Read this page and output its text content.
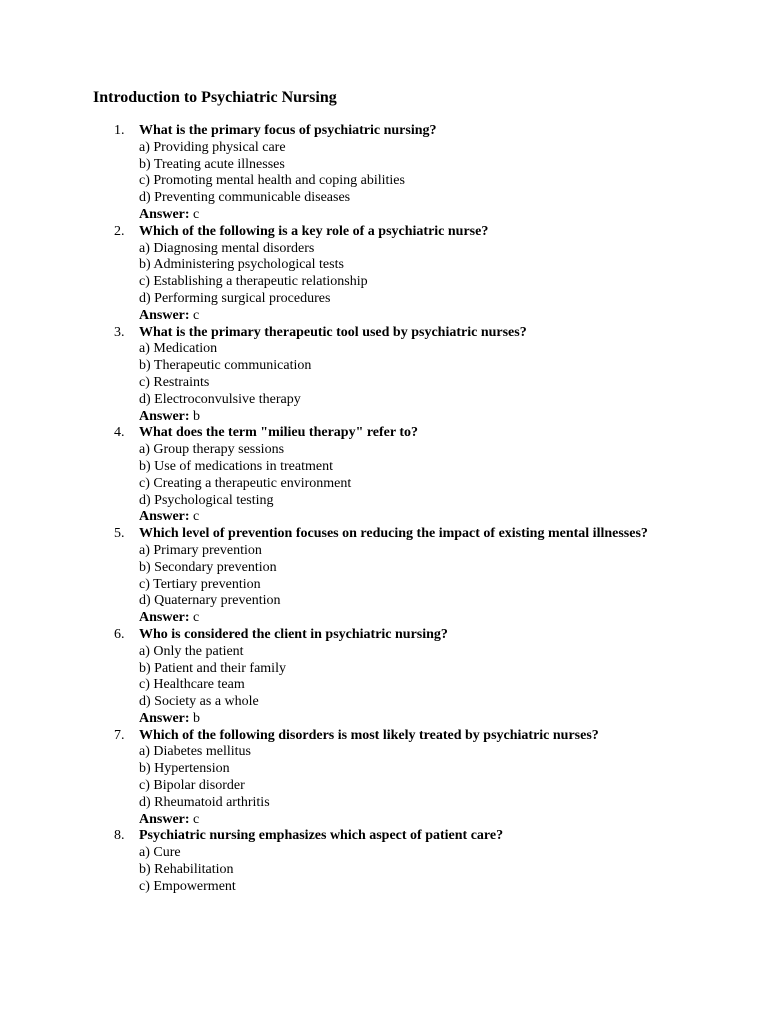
Introduction to Psychiatric Nursing
1. What is the primary focus of psychiatric nursing?
a) Providing physical care
b) Treating acute illnesses
c) Promoting mental health and coping abilities
d) Preventing communicable diseases
Answer: c
2. Which of the following is a key role of a psychiatric nurse?
a) Diagnosing mental disorders
b) Administering psychological tests
c) Establishing a therapeutic relationship
d) Performing surgical procedures
Answer: c
3. What is the primary therapeutic tool used by psychiatric nurses?
a) Medication
b) Therapeutic communication
c) Restraints
d) Electroconvulsive therapy
Answer: b
4. What does the term "milieu therapy" refer to?
a) Group therapy sessions
b) Use of medications in treatment
c) Creating a therapeutic environment
d) Psychological testing
Answer: c
5. Which level of prevention focuses on reducing the impact of existing mental illnesses?
a) Primary prevention
b) Secondary prevention
c) Tertiary prevention
d) Quaternary prevention
Answer: c
6. Who is considered the client in psychiatric nursing?
a) Only the patient
b) Patient and their family
c) Healthcare team
d) Society as a whole
Answer: b
7. Which of the following disorders is most likely treated by psychiatric nurses?
a) Diabetes mellitus
b) Hypertension
c) Bipolar disorder
d) Rheumatoid arthritis
Answer: c
8. Psychiatric nursing emphasizes which aspect of patient care?
a) Cure
b) Rehabilitation
c) Empowerment
